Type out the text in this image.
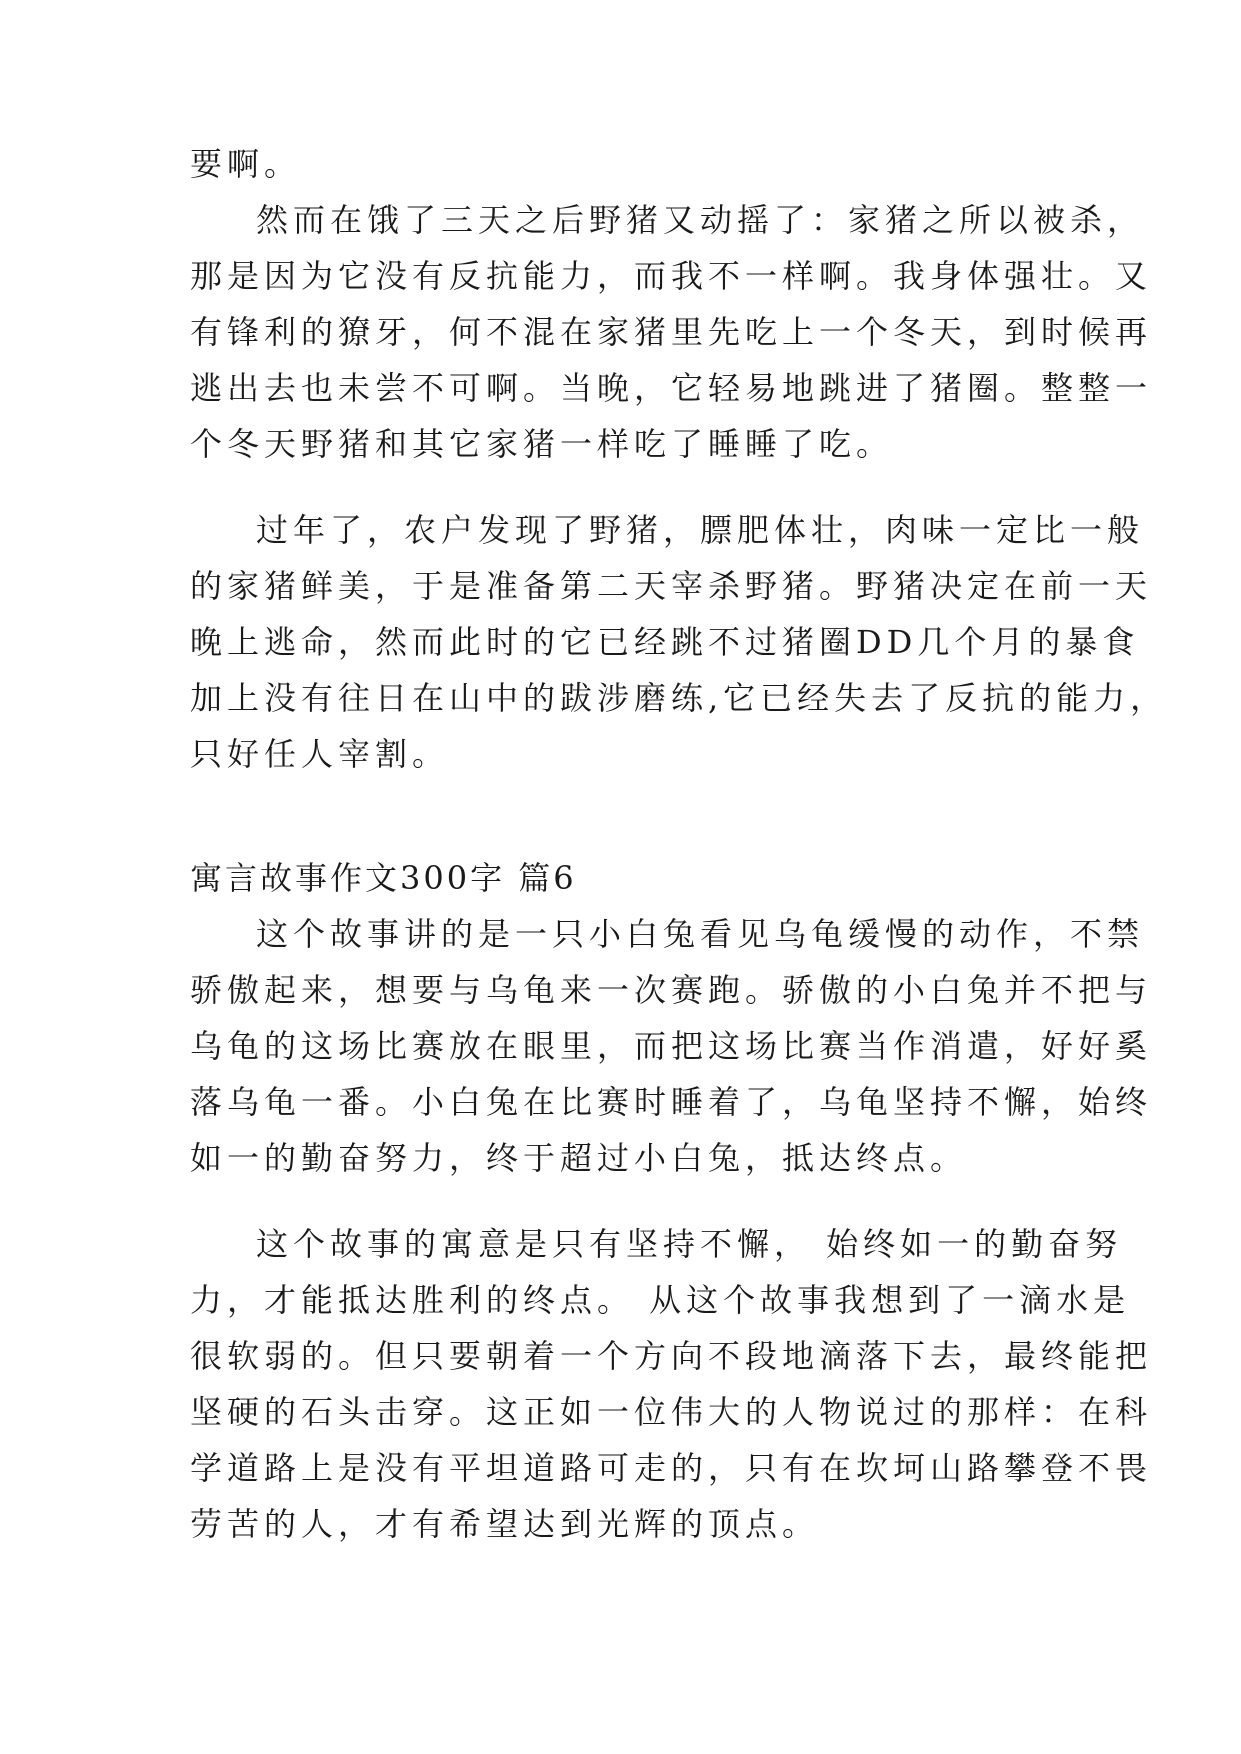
要啊。

然而在饿了三天之后野猪又动摇了：家猪之所以被杀，

那是因为它没有反抗能力，而我不一样啊。我身体强壮。又

有锋利的獠牙，何不混在家猪里先吃上一个冬天，到时候再

逃出去也未尝不可啊。当晚，它轻易地跳进了猪圈。整整一

个冬天野猪和其它家猪一样吃了睡睡了吃。

过年了，农户发现了野猪，膘肥体壮，肉味一定比一般

的家猪鲜美，于是准备第二天宰杀野猪。野猪决定在前一天

晚上逃命，然而此时的它已经跳不过猪圈DD几个月的暴食

加上没有往日在山中的跋涉磨练,它已经失去了反抗的能力，

只好任人宰割。

寓言故事作文300字 篇6

这个故事讲的是一只小白兔看见乌龟缓慢的动作，不禁

骄傲起来，想要与乌龟来一次赛跑。骄傲的小白兔并不把与

乌龟的这场比赛放在眼里，而把这场比赛当作消遣，好好奚

落乌龟一番。小白兔在比赛时睡着了，乌龟坚持不懈，始终

如一的勤奋努力，终于超过小白兔，抵达终点。

这个故事的寓意是只有坚持不懈， 始终如一的勤奋努

力，才能抵达胜利的终点。 从这个故事我想到了一滴水是

很软弱的。但只要朝着一个方向不段地滴落下去，最终能把

坚硬的石头击穿。这正如一位伟大的人物说过的那样：在科

学道路上是没有平坦道路可走的，只有在坎坷山路攀登不畏

劳苦的人，才有希望达到光辉的顶点。
